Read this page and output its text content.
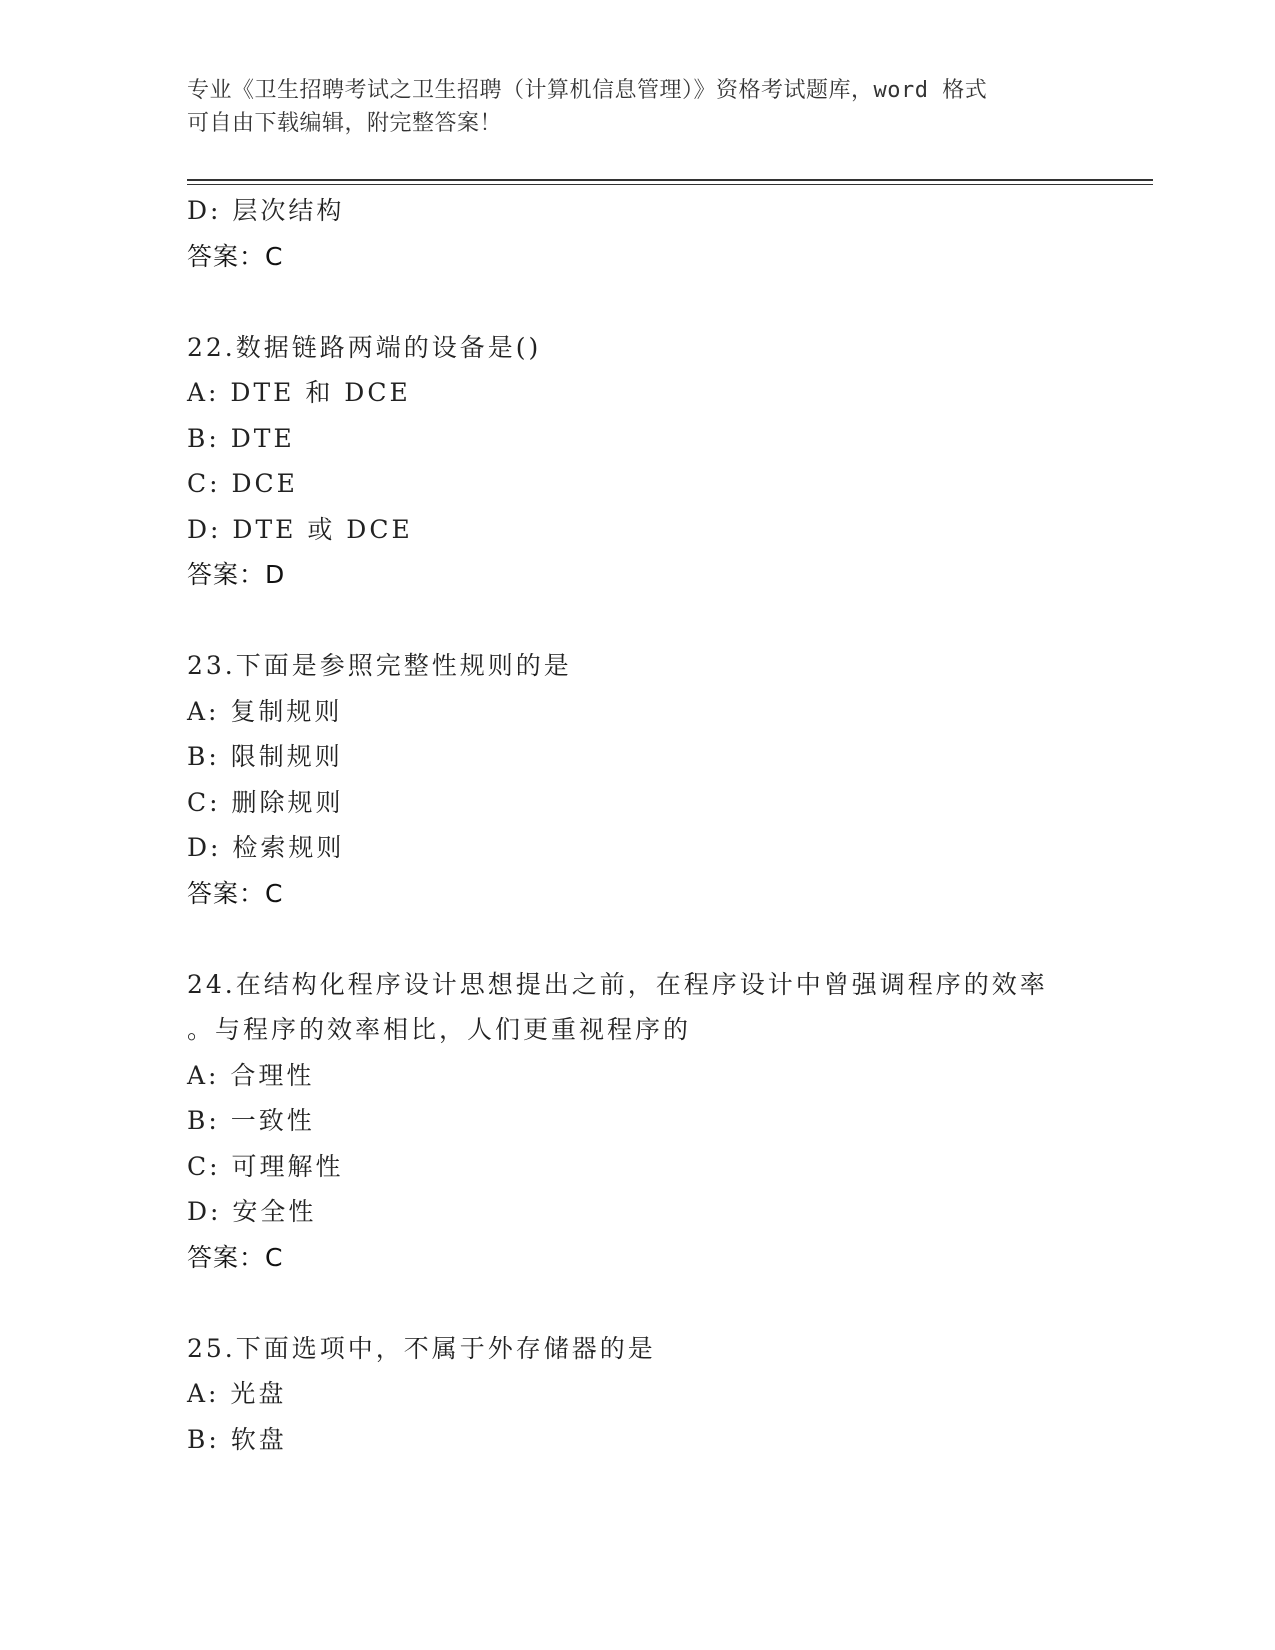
专业《卫生招聘考试之卫生招聘（计算机信息管理）》资格考试题库，word 格式
可自由下载编辑，附完整答案！
D: 层次结构
答案：C
22.数据链路两端的设备是()
A: DTE 和 DCE
B: DTE
C: DCE
D: DTE 或 DCE
答案：D
23.下面是参照完整性规则的是
A: 复制规则
B: 限制规则
C: 删除规则
D: 检索规则
答案：C
24.在结构化程序设计思想提出之前，在程序设计中曾强调程序的效率
。与程序的效率相比，人们更重视程序的
A: 合理性
B: 一致性
C: 可理解性
D: 安全性
答案：C
25.下面选项中，不属于外存储器的是
A: 光盘
B: 软盘
